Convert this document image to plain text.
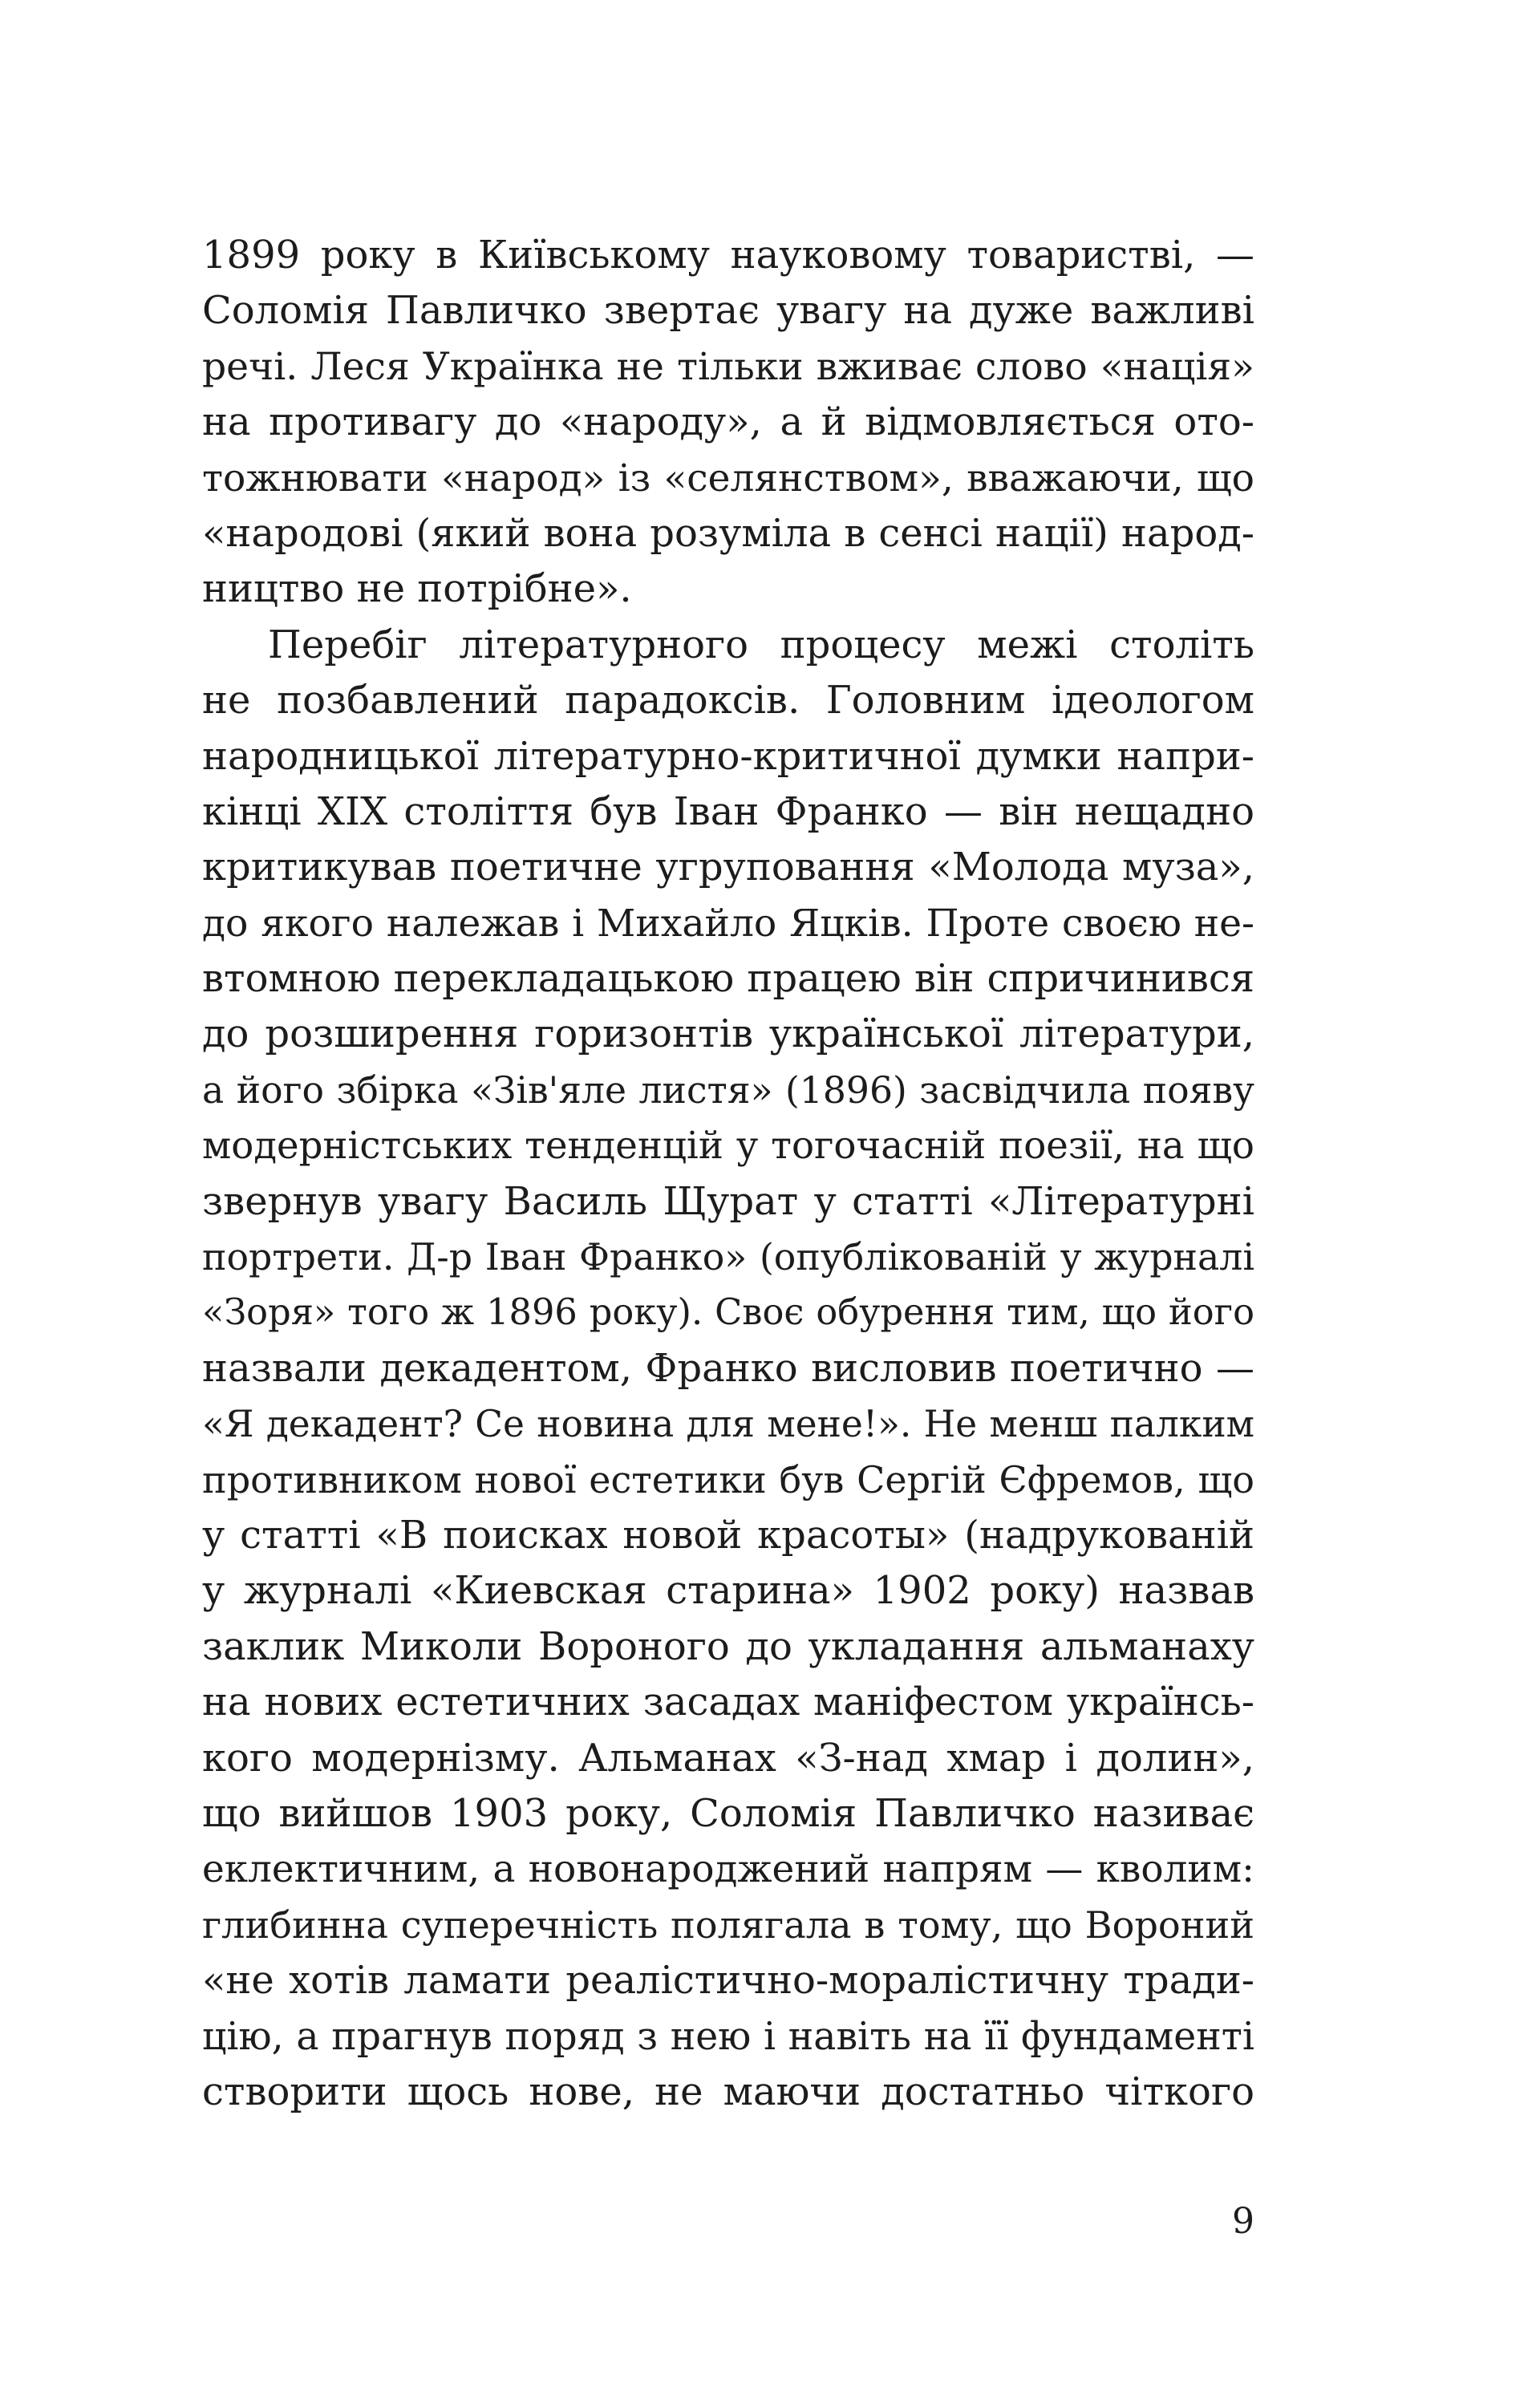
1899 року в Київському науковому товаристві, —
Соломія Павличко звертає увагу на дуже важливі
речі. Леся Українка не тільки вживає слово «нація»
на противагу до «народу», а й відмовляється ото-
тожнювати «народ» із «селянством», вважаючи, що
«народові (який вона розуміла в сенсі нації) народ-
ництво не потрібне».
Перебіг літературного процесу межі століть
не позбавлений парадоксів. Головним ідеологом
народницької літературно-критичної думки напри-
кінці XIX століття був Іван Франко — він нещадно
критикував поетичне угруповання «Молода муза»,
до якого належав і Михайло Яцків. Проте своєю не-
втомною перекладацькою працею він спричинився
до розширення горизонтів української літератури,
а його збірка «Зів'яле листя» (1896) засвідчила появу
модерністських тенденцій у тогочасній поезії, на що
звернув увагу Василь Щурат у статті «Літературні
портрети. Д-р Іван Франко» (опублікованій у журналі
«Зоря» того ж 1896 року). Своє обурення тим, що його
назвали декадентом, Франко висловив поетично —
«Я декадент? Се новина для мене!». Не менш палким
противником нової естетики був Сергій Єфремов, що
у статті «В поисках новой красоты» (надрукованій
у журналі «Киевская старина» 1902 року) назвав
заклик Миколи Вороного до укладання альманаху
на нових естетичних засадах маніфестом українсь-
кого модернізму. Альманах «З-над хмар і долин»,
що вийшов 1903 року, Соломія Павличко називає
еклектичним, а новонароджений напрям — кволим:
глибинна суперечність полягала в тому, що Вороний
«не хотів ламати реалістично-моралістичну тради-
цію, а прагнув поряд з нею і навіть на її фундаменті
створити щось нове, не маючи достатньо чіткого
9
